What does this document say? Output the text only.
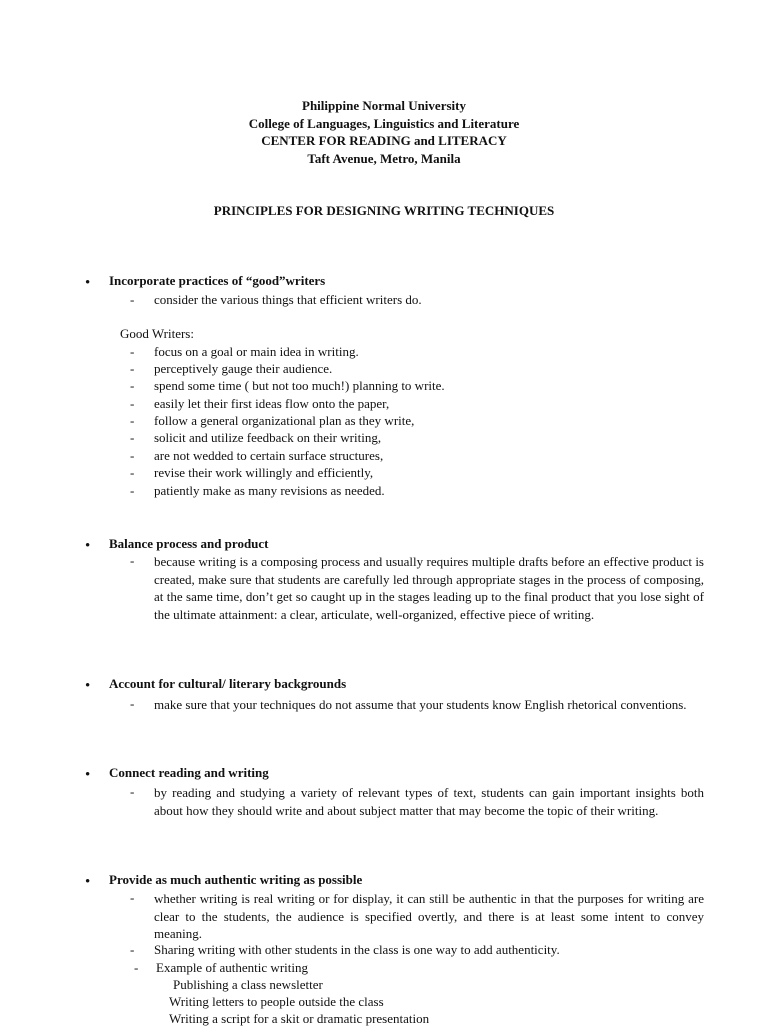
Philippine Normal University
College of Languages, Linguistics and Literature
CENTER FOR READING and LITERACY
Taft Avenue, Metro, Manila
PRINCIPLES FOR DESIGNING WRITING TECHNIQUES
• Incorporate practices of “good”writers
- consider the various things that efficient writers do.
Good Writers:
- focus on a goal or main idea in writing.
- perceptively gauge their audience.
- spend some time ( but not too much!) planning to write.
- easily let their first ideas flow onto the paper,
- follow a general organizational plan as they write,
- solicit and utilize feedback on their writing,
- are not wedded to certain surface structures,
- revise their work willingly and efficiently,
- patiently make as many revisions as needed.
• Balance process and product
- because writing is a composing process and usually requires multiple drafts before an effective product is created, make sure that students are carefully led through appropriate stages in the process of composing, at the same time, don’t get so caught up in the stages leading up to the final product that you lose sight of the ultimate attainment: a clear, articulate, well-organized, effective piece of writing.
• Account for cultural/ literary backgrounds
- make sure that your techniques do not assume that your students know English rhetorical conventions.
• Connect reading and writing
- by reading and studying a variety of relevant types of text, students can gain important insights both about how they should write and about subject matter that may become the topic of their writing.
• Provide as much authentic writing as possible
- whether writing is real writing or for display, it can still be authentic in that the purposes for writing are clear to the students, the audience is specified overtly, and there is at least some intent to convey meaning.
- Sharing writing with other students in the class is one way to add authenticity.
- Example of authentic writing
Publishing a class newsletter
Writing letters to people outside the class
Writing a script for a skit or dramatic presentation
